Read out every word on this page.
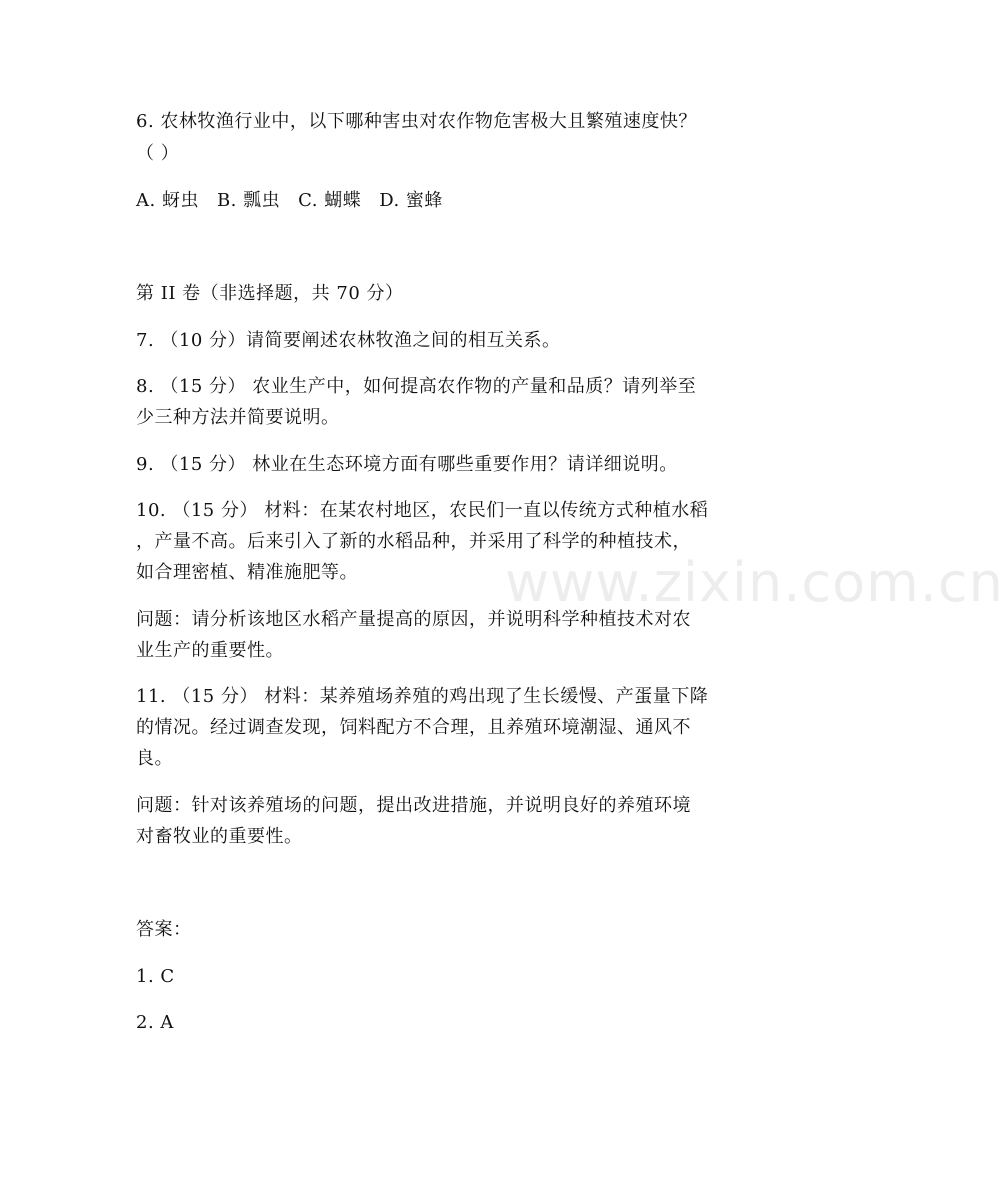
6. 农林牧渔行业中，以下哪种害虫对农作物危害极大且繁殖速度快？
（ ）
A. 蚜虫 B. 瓢虫 C. 蝴蝶 D. 蜜蜂
第 II 卷（非选择题，共 70 分）
7. （10 分）请简要阐述农林牧渔之间的相互关系。
8. （15 分） 农业生产中，如何提高农作物的产量和品质？请列举至
少三种方法并简要说明。
9. （15 分） 林业在生态环境方面有哪些重要作用？请详细说明。
10. （15 分） 材料：在某农村地区，农民们一直以传统方式种植水稻
，产量不高。后来引入了新的水稻品种，并采用了科学的种植技术，
如合理密植、精准施肥等。
问题：请分析该地区水稻产量提高的原因，并说明科学种植技术对农
业生产的重要性。
11. （15 分） 材料：某养殖场养殖的鸡出现了生长缓慢、产蛋量下降
的情况。经过调查发现，饲料配方不合理，且养殖环境潮湿、通风不
良。
问题：针对该养殖场的问题，提出改进措施，并说明良好的养殖环境
对畜牧业的重要性。
答案：
1. C
2. A
www.zixin.com.cn
